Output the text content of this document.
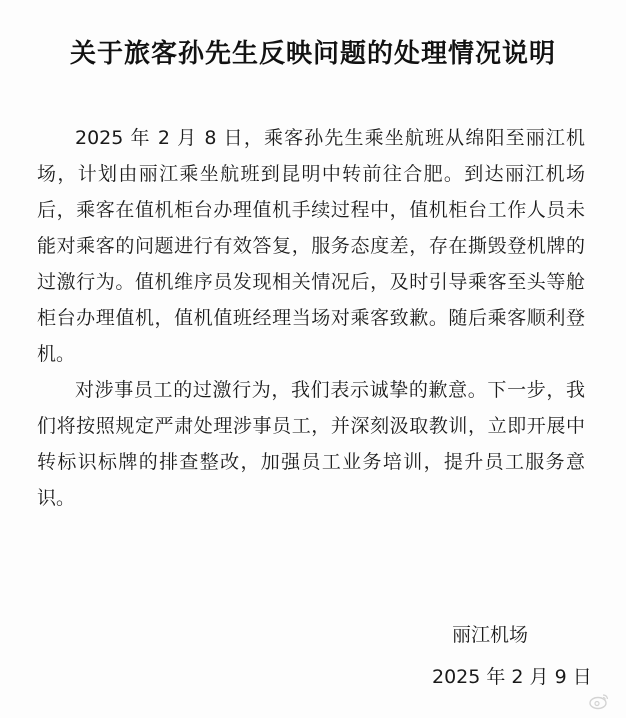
关于旅客孙先生反映问题的处理情况说明

2025 年 2 月 8 日，乘客孙先生乘坐航班从绵阳至丽江机场，计划由丽江乘坐航班到昆明中转前往合肥。到达丽江机场后，乘客在值机柜台办理值机手续过程中，值机柜台工作人员未能对乘客的问题进行有效答复，服务态度差，存在撕毁登机牌的过激行为。值机维序员发现相关情况后，及时引导乘客至头等舱柜台办理值机，值机值班经理当场对乘客致歉。随后乘客顺利登机。

对涉事员工的过激行为，我们表示诚挚的歉意。下一步，我们将按照规定严肃处理涉事员工，并深刻汲取教训，立即开展中转标识标牌的排查整改，加强员工业务培训，提升员工服务意识。

丽江机场
2025 年 2 月 9 日
